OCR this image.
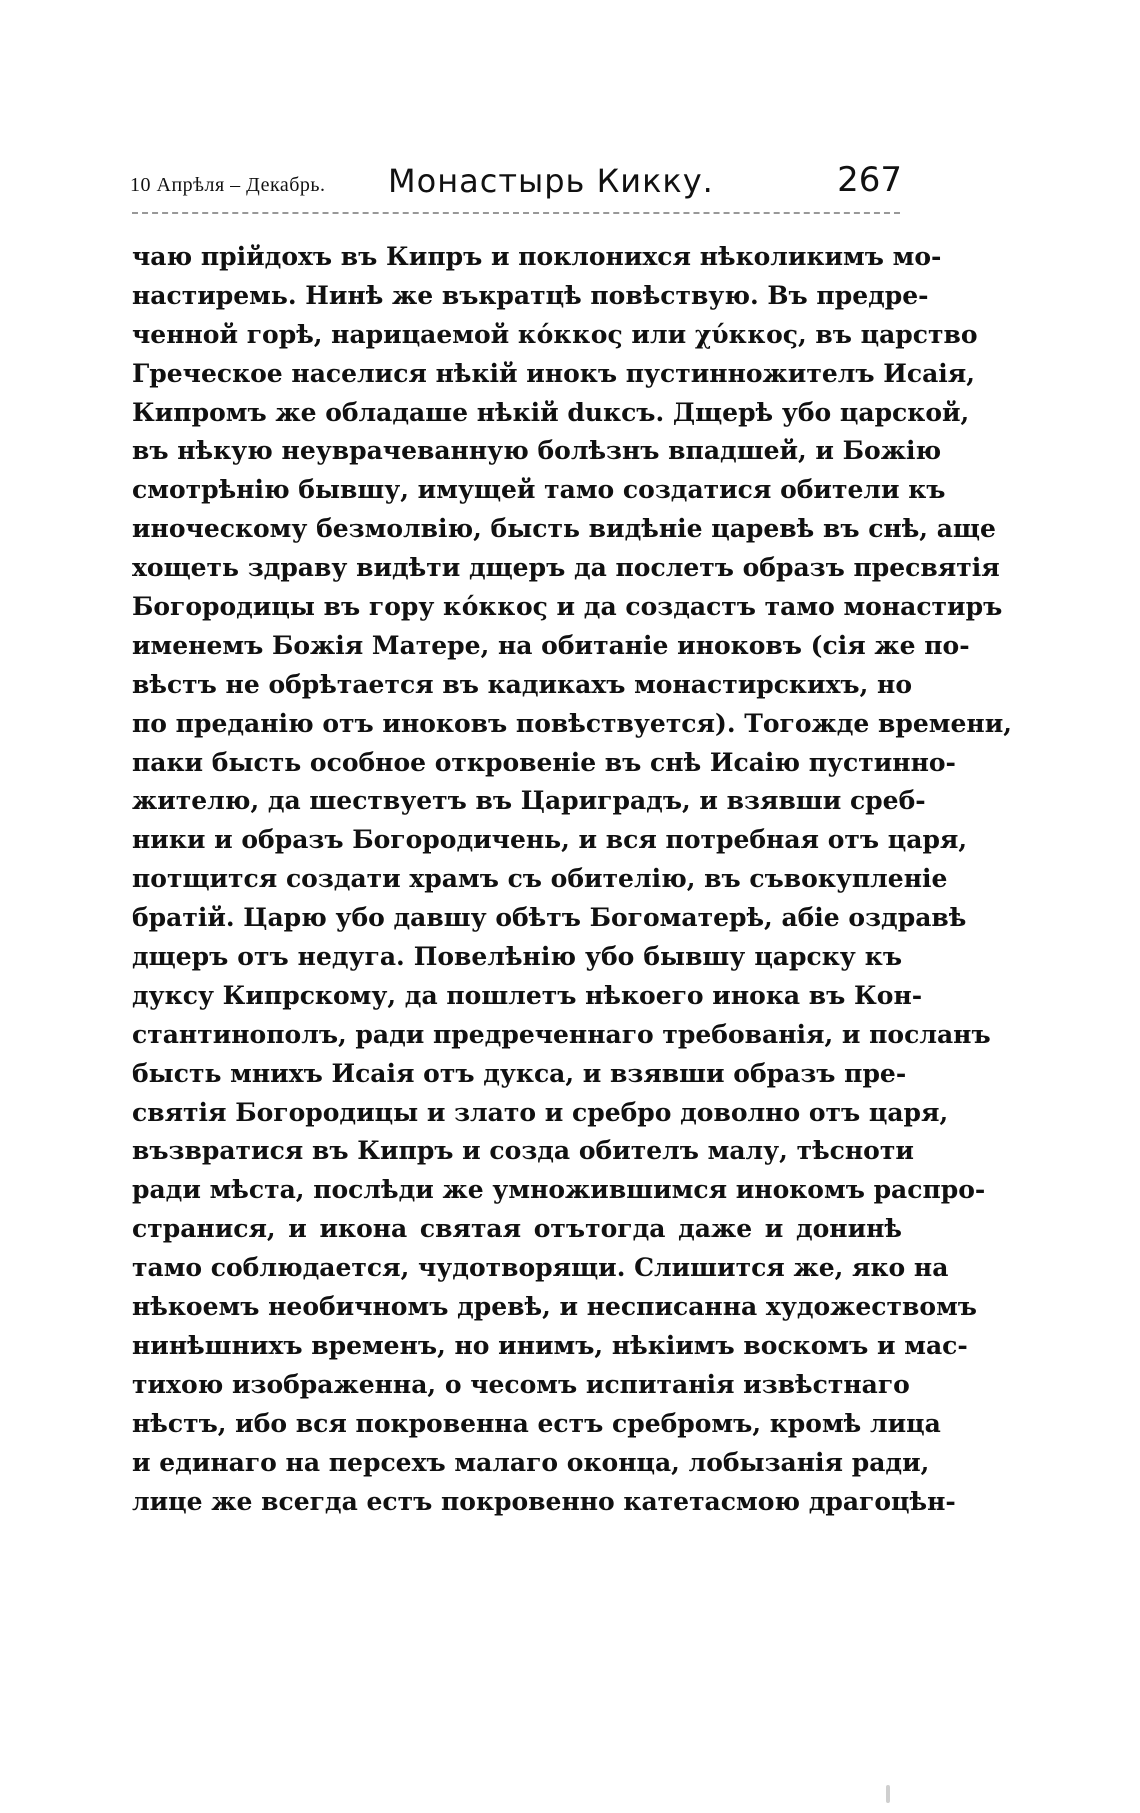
10 Апрѣля – Декабрь. Монастырь Кикку.	267
чаю прійдохъ въ Кипръ и поклонихся нѣколикимъ мо-
настиремь. Нинѣ же въкратцѣ повѣствую. Въ предре-
ченной горѣ, нарицаемой κόκκος или χύκκος, въ царство
Греческое населися нѣкій инокъ пустинножителъ Исаія,
Кипромъ же обладаше нѣкій duксъ. Дщерѣ убо царской,
въ нѣкую неуврачеванную болѣзнъ впадшей, и Божію
смотрѣнію бывшу, имущей тамо создатися обители къ
иноческому безмолвію, бысть видѣніе царевѣ въ снѣ, аще
хощеть здраву видѣти дщеръ да послетъ образъ пресвятія
Богородицы въ гору κόκκος и да создастъ тамо монастиръ
именемъ Божія Матере, на обитаніе иноковъ (сія же по-
вѣстъ не обрѣтается въ кадикахъ монастирскихъ, но
по преданію отъ иноковъ повѣствуется). Тогожде времени,
паки бысть особное откровеніе въ снѣ Исаію пустинно-
жителю, да шествуетъ въ Цариградъ, и взявши среб-
ники и образъ Богородичень, и вся потребная отъ царя,
потщится создати храмъ съ обителію, въ съвокупленіе
братій. Царю убо давшу обѣтъ Богоматерѣ, абіе оздравѣ
дщеръ отъ недуга. Повелѣнію убо бывшу царску къ
дуксу Кипрскому, да пошлетъ нѣкоего инока въ Кон-
стантинополъ, ради предреченнаго требованія, и посланъ
бысть мнихъ Исаія отъ дукса, и взявши образъ пре-
святія Богородицы и злато и сребро доволно отъ царя,
възвратися въ Кипръ и созда обителъ малу, тѣсноти
ради мѣста, послѣди же умножившимся инокомъ распро-
странися, и икона святая отътогда даже и донинѣ
тамо соблюдается, чудотворящи. Слишится же, яко на
нѣкоемъ необичномъ древѣ, и несписанна художествомъ
нинѣшнихъ временъ, но инимъ, нѣкіимъ воскомъ и мас-
тихою изображенна, о чесомъ испитанія извѣстнаго
нѣстъ, ибо вся покровенна естъ сребромъ, кромѣ лица
и единаго на персехъ малаго оконца, лобызанія ради,
лице же всегда естъ покровенно катетасмою драгоцѣн-
